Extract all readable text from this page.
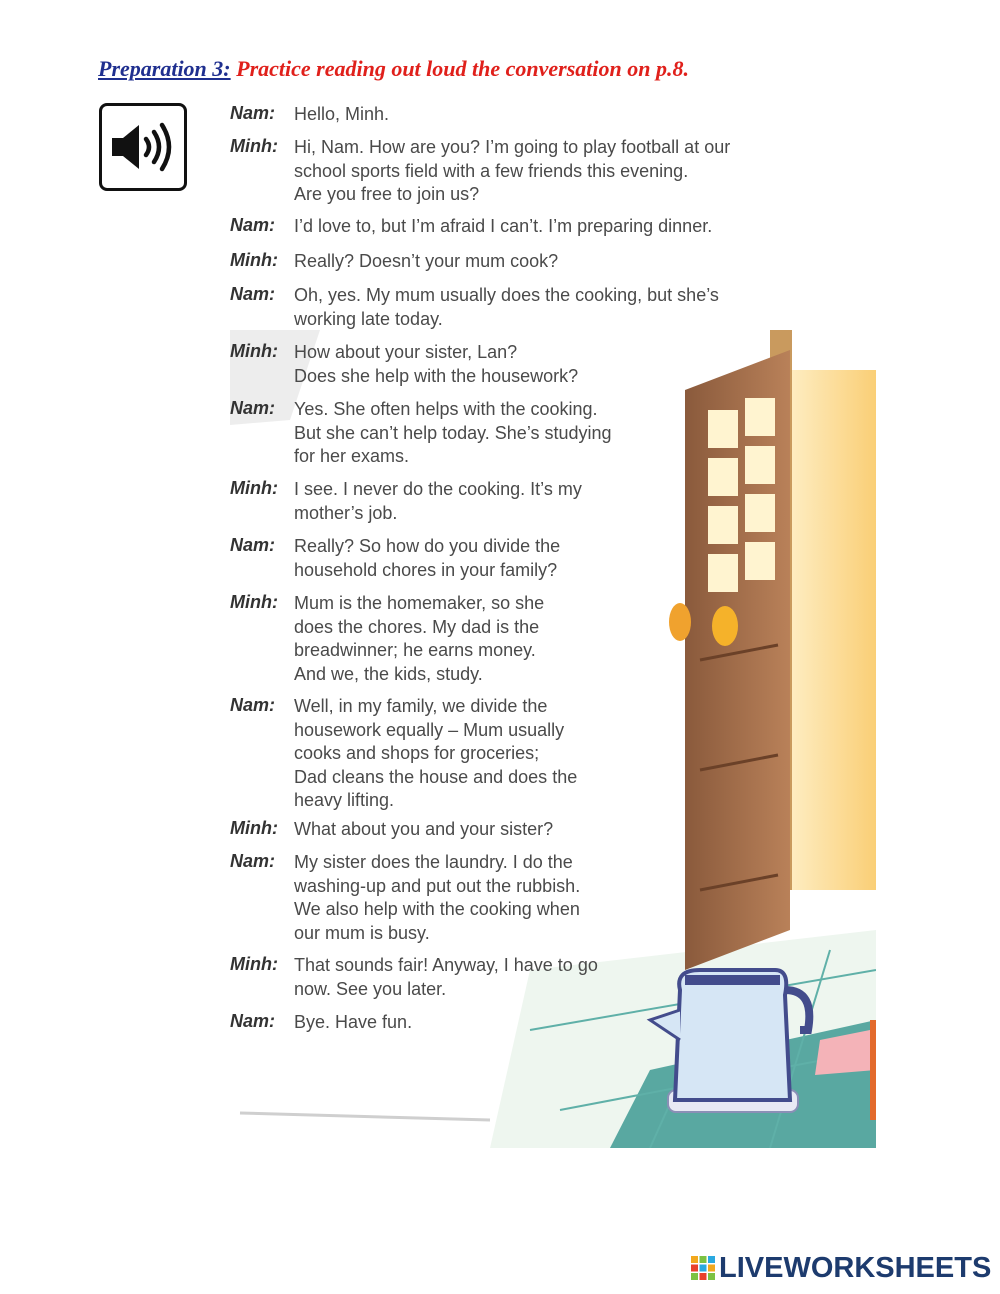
Preparation 3: Practice reading out loud the conversation on p.8.
Nam:	Hello, Minh.
Minh: Hi, Nam. How are you? I’m going to play football at our
school sports field with a few friends this evening.
Are you free to join us?
Nam:	I’d love to, but I’m afraid I can’t. I’m preparing dinner.
Minh: Really? Doesn’t your mum cook?
Nam:	Oh, yes. My mum usually does the cooking, but she’s
working late today.
Minh: How about your sister, Lan?
Does she help with the housework?
Nam:	Yes. She often helps with the cooking.
But she can’t help today. She’s studying
for her exams.
Minh: I see. I never do the cooking. It’s my
mother’s job.
Nam:	Really? So how do you divide the
household chores in your family?
Minh: Mum is the homemaker, so she
does the chores. My dad is the
breadwinner; he earns money.
And we, the kids, study.
Nam:	Well, in my family, we divide the
housework equally – Mum usually
cooks and shops for groceries;
Dad cleans the house and does the
heavy lifting.
Minh: What about you and your sister?
Nam:	My sister does the laundry. I do the
washing-up and put out the rubbish.
We also help with the cooking when
our mum is busy.
Minh: That sounds fair! Anyway, I have to go
now. See you later.
Nam:	Bye. Have fun.
LIVEWORKSHEETS
